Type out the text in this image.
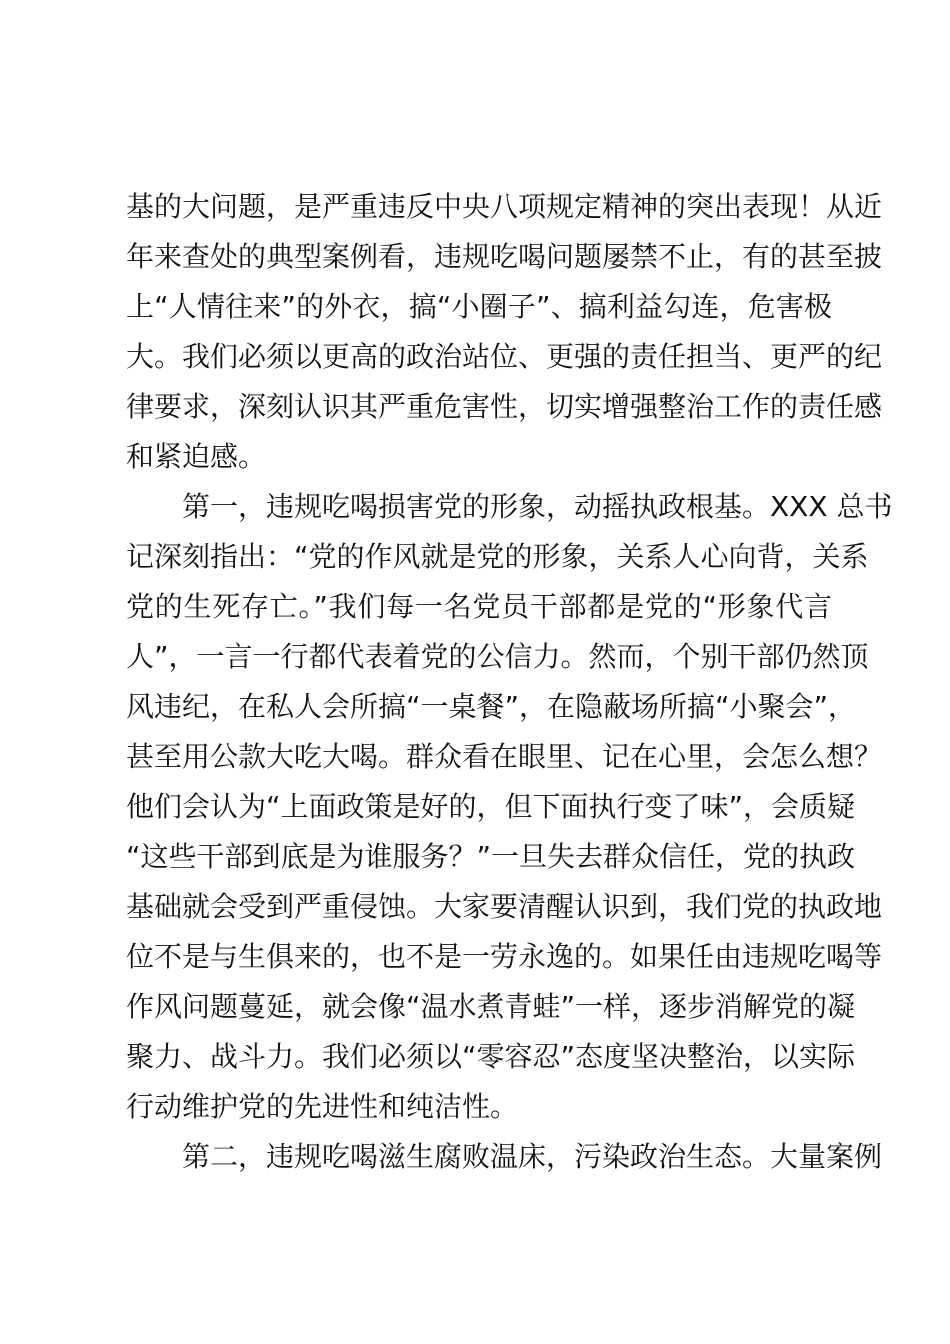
基的大问题，是严重违反中央八项规定精神的突出表现！从近
年来查处的典型案例看，违规吃喝问题屡禁不止，有的甚至披
上“人情往来”的外衣，搞“小圈子”、搞利益勾连，危害极
大。我们必须以更高的政治站位、更强的责任担当、更严的纪
律要求，深刻认识其严重危害性，切实增强整治工作的责任感
和紧迫感。
第一，违规吃喝损害党的形象，动摇执政根基。XXX 总书
记深刻指出：“党的作风就是党的形象，关系人心向背，关系
党的生死存亡。”我们每一名党员干部都是党的“形象代言
人”，一言一行都代表着党的公信力。然而，个别干部仍然顶
风违纪，在私人会所搞“一桌餐”，在隐蔽场所搞“小聚会”，
甚至用公款大吃大喝。群众看在眼里、记在心里，会怎么想？
他们会认为“上面政策是好的，但下面执行变了味”，会质疑
“这些干部到底是为谁服务？”一旦失去群众信任，党的执政
基础就会受到严重侵蚀。大家要清醒认识到，我们党的执政地
位不是与生俱来的，也不是一劳永逸的。如果任由违规吃喝等
作风问题蔓延，就会像“温水煮青蛙”一样，逐步消解党的凝
聚力、战斗力。我们必须以“零容忍”态度坚决整治，以实际
行动维护党的先进性和纯洁性。
第二，违规吃喝滋生腐败温床，污染政治生态。大量案例
